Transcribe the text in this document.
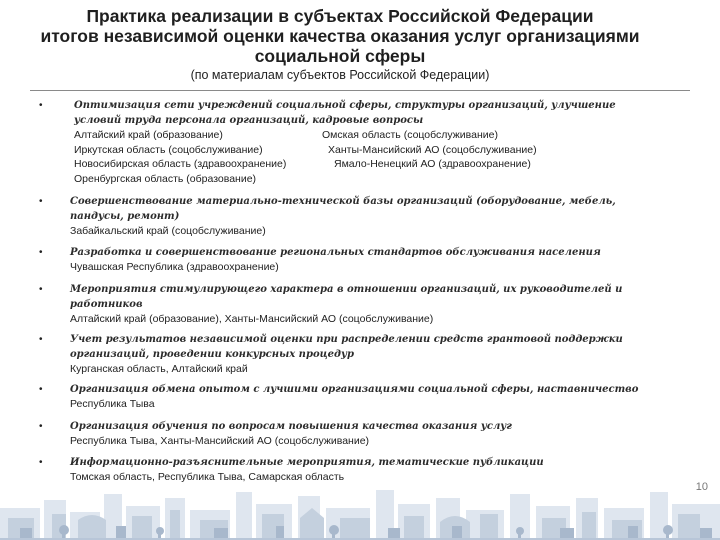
Практика реализации в субъектах Российской Федерации
итогов независимой оценки качества оказания услуг организациями
социальной сферы
(по материалам субъектов Российской Федерации)
•	Оптимизация сети учреждений социальной сферы, структуры организаций, улучшение условий труда персонала организаций, кадровые вопросы
Алтайский край (образование)	Омская область (соцобслуживание)
Иркутская область (соцобслуживание)	Ханты-Мансийский АО (соцобслуживание)
Новосибирская область (здравоохранение)	Ямало-Ненецкий АО (здравоохранение)
Оренбургская область (образование)
•	Совершенствование материально-технической базы организаций (оборудование, мебель, пандусы, ремонт)
Забайкальский край (соцобслуживание)
•	Разработка и совершенствование региональных стандартов обслуживания населения
Чувашская Республика (здравоохранение)
•	Мероприятия стимулирующего характера в отношении организаций, их руководителей и работников
Алтайский край (образование), Ханты-Мансийский АО (соцобслуживание)
•	Учет результатов независимой оценки при распределении средств грантовой поддержки организаций, проведении конкурсных процедур
Курганская область, Алтайский край
•	Организация обмена опытом с лучшими организациями социальной сферы, наставничество
Республика Тыва
•	Организация обучения по вопросам повышения качества оказания услуг
Республика Тыва, Ханты-Мансийский АО (соцобслуживание)
•	Информационно-разъяснительные мероприятия, тематические публикации
Томская область, Республика Тыва, Самарская область
10
